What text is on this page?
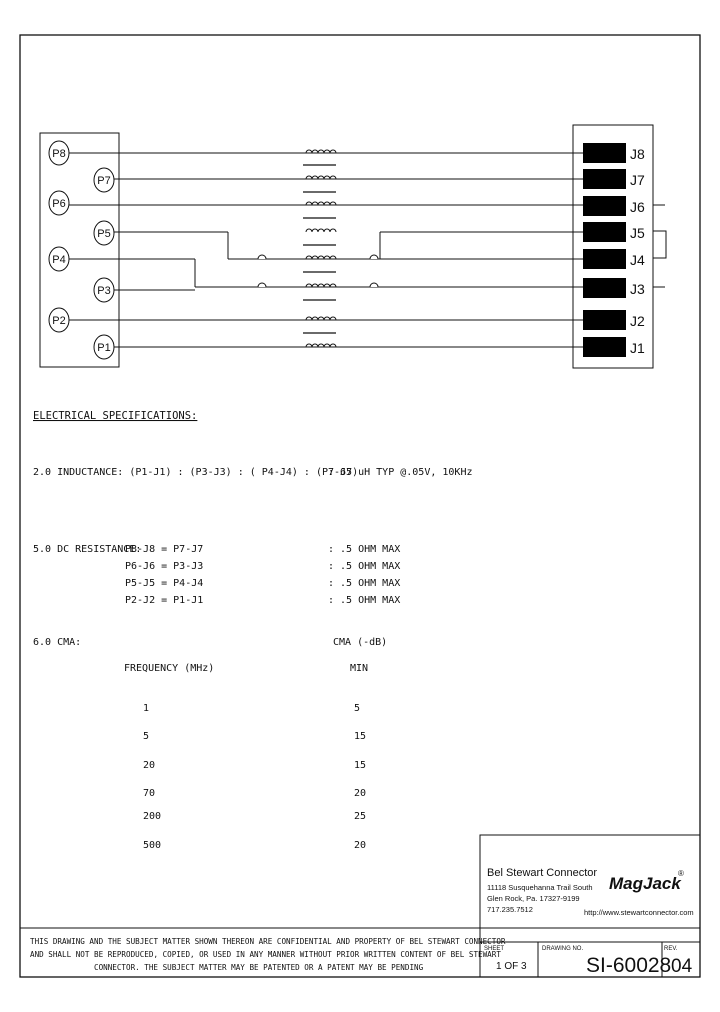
P8
P7
P6
P5
P4
P3
P2
P1
J8
J7
J6
J5
J4
J3
J2
J1
ELECTRICAL SPECIFICATIONS:
2.0 INDUCTANCE: (P1-J1) : (P3-J3) : ( P4-J4) : (P7-J7)
: 65 uH TYP @.05V, 10KHz
5.0 DC RESISTANCE:
P8-J8 = P7-J7	: .5 OHM MAX
P6-J6 = P3-J3	: .5 OHM MAX
P5-J5 = P4-J4	: .5 OHM MAX
P2-J2 = P1-J1	: .5 OHM MAX
6.0 CMA:	CMA (-dB)
FREQUENCY (MHz)	MIN
1	5
5	15
20	15
70	20
200	25
500	20
Bel Stewart Connector
11118 Susquehanna Trail South
Glen Rock, Pa. 17327-9199
717.235.7512
MagJack
®
http://www.stewartconnector.com
THIS DRAWING AND THE SUBJECT MATTER SHOWN THEREON ARE CONFIDENTIAL AND PROPERTY OF BEL STEWART CONNECTOR
AND SHALL NOT BE REPRODUCED, COPIED, OR USED IN ANY MANNER WITHOUT PRIOR WRITTEN CONTENT OF BEL STEWART
CONNECTOR. THE SUBJECT MATTER MAY BE PATENTED OR A PATENT MAY BE PENDING
SHEET
1 OF 3
DRAWING NO.
SI-60028
REV.
04
